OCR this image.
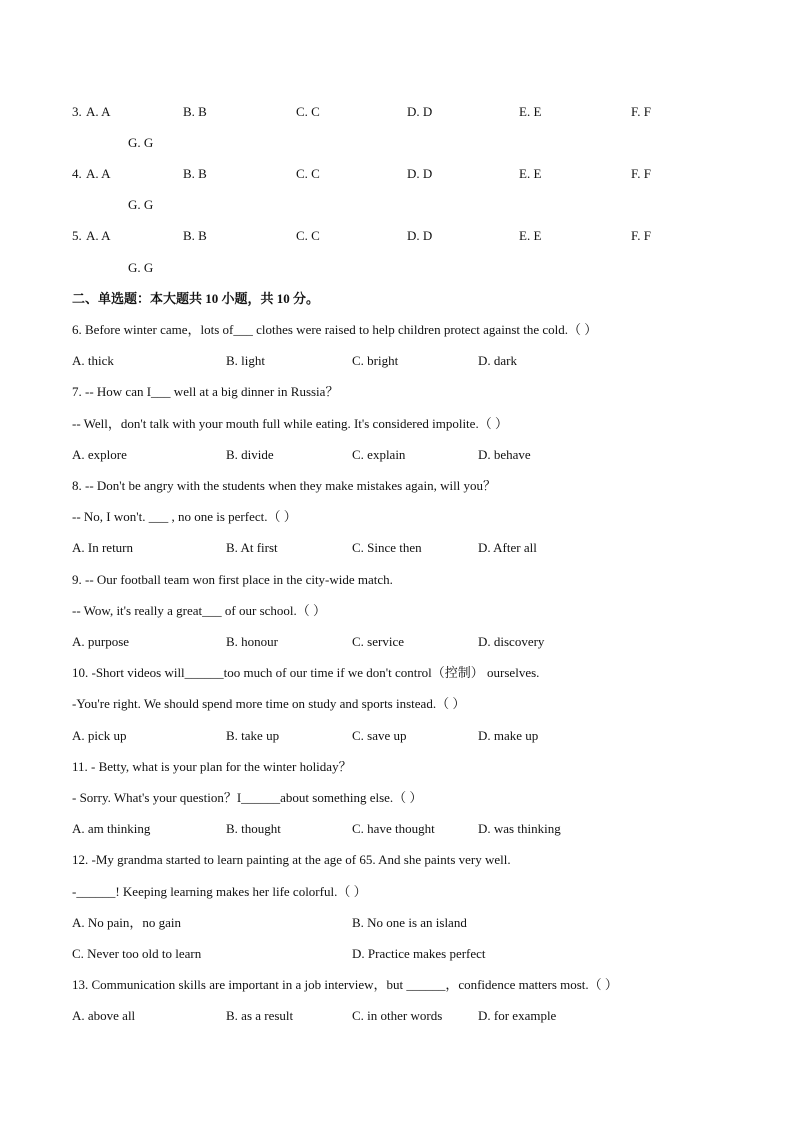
3. A. A	B. B	C. C	D. D	E. E	F. F
G. G
4. A. A	B. B	C. C	D. D	E. E	F. F
G. G
5. A. A	B. B	C. C	D. D	E. E	F. F
G. G
二、单选题：本大题共 10 小题，共 10 分。
6. Before winter came，lots of___ clothes were raised to help children protect against the cold.（ ）
A. thick	B. light	C. bright	D. dark
7. -- How can I___ well at a big dinner in Russia？
-- Well，don't talk with your mouth full while eating. It's considered impolite.（ ）
A. explore	B. divide	C. explain	D. behave
8. -- Don't be angry with the students when they make mistakes again, will you？
-- No, I won't. ___ , no one is perfect.（ ）
A. In return	B. At first	C. Since then	D. After all
9. -- Our football team won first place in the city-wide match.
-- Wow, it's really a great___ of our school.（ ）
A. purpose	B. honour	C. service	D. discovery
10. -Short videos will______too much of our time if we don't control（控制） ourselves.
-You're right. We should spend more time on study and sports instead.（ ）
A. pick up	B. take up	C. save up	D. make up
11. - Betty, what is your plan for the winter holiday？
- Sorry. What's your question？I______about something else.（ ）
A. am thinking	B. thought	C. have thought	D. was thinking
12. -My grandma started to learn painting at the age of 65. And she paints very well.
-______! Keeping learning makes her life colorful.（ ）
A. No pain，no gain	B. No one is an island
C. Never too old to learn	D. Practice makes perfect
13. Communication skills are important in a job interview，but ______，confidence matters most.（ ）
A. above all	B. as a result	C. in other words	D. for example
